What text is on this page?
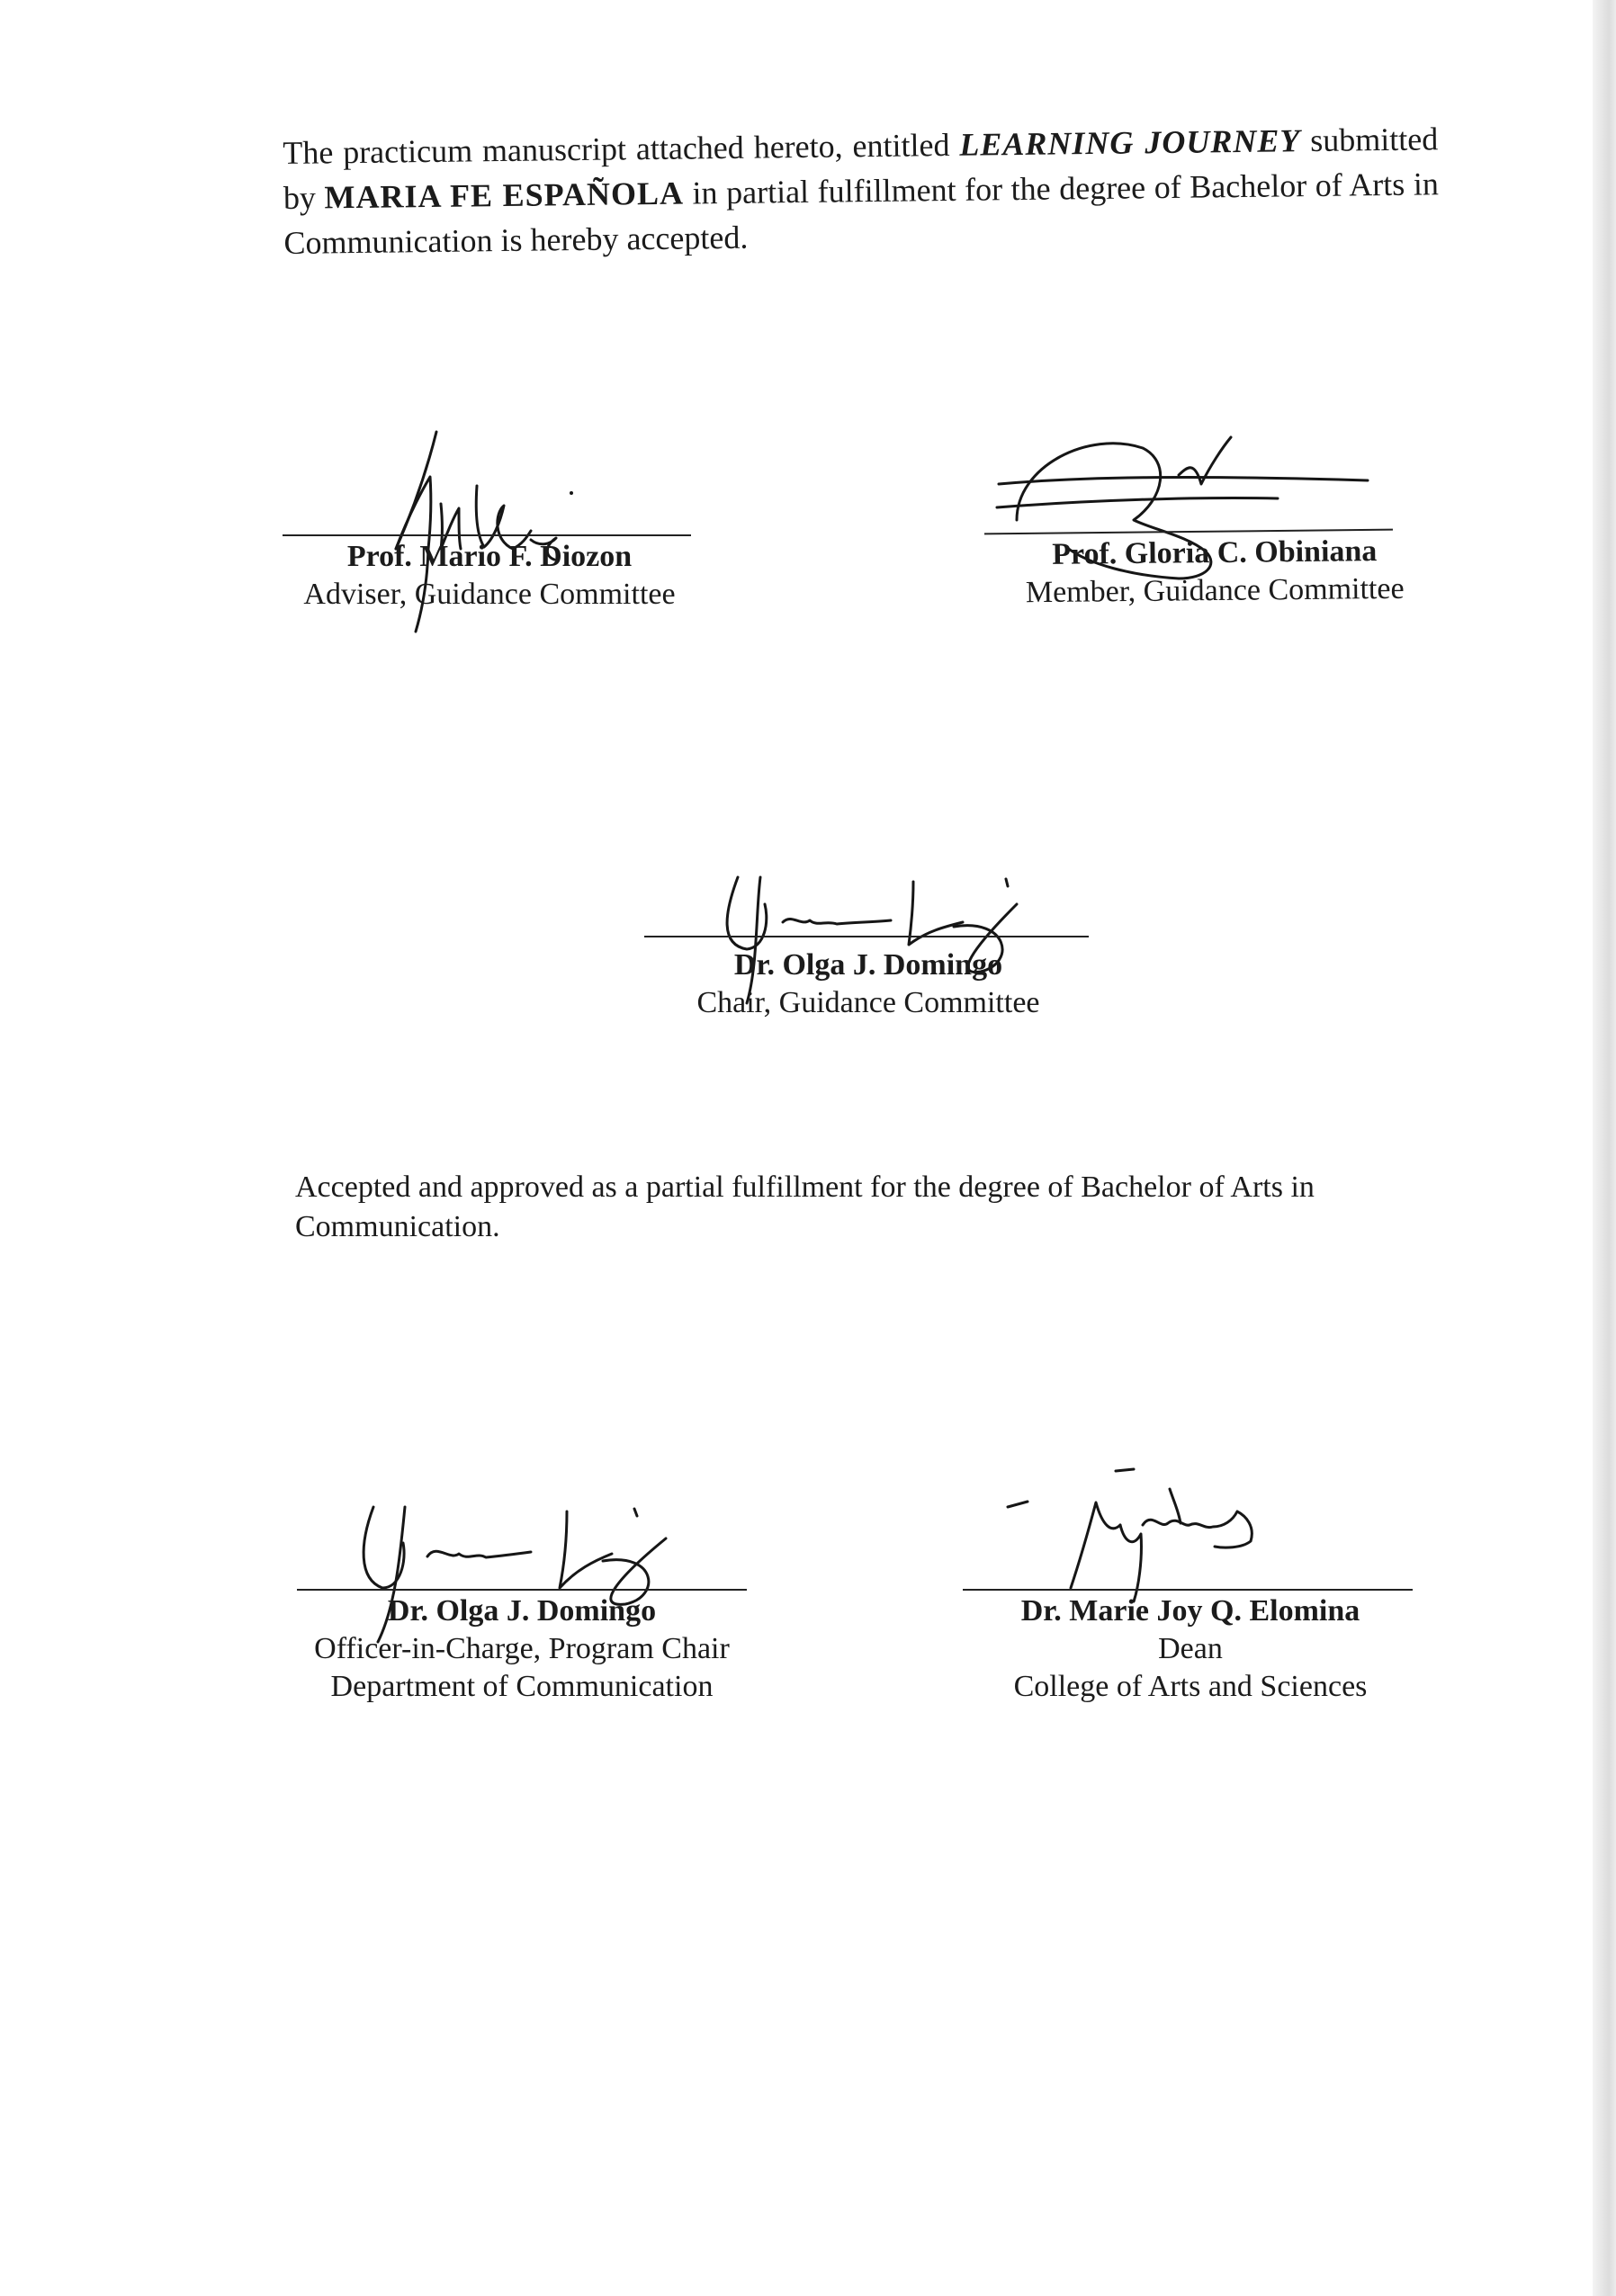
The practicum manuscript attached hereto, entitled LEARNING JOURNEY submitted by MARIA FE ESPAÑOLA in partial fulfillment for the degree of Bachelor of Arts in Communication is hereby accepted.

Prof. Mario F. Diozon
Adviser, Guidance Committee
Prof. Gloria C. Obiniana
Member, Guidance Committee
Dr. Olga J. Domingo
Chair, Guidance Committee

Accepted and approved as a partial fulfillment for the degree of Bachelor of Arts in Communication.

Dr. Olga J. Domingo
Officer-in-Charge, Program Chair
Department of Communication
Dr. Marie Joy Q. Elomina
Dean
College of Arts and Sciences
